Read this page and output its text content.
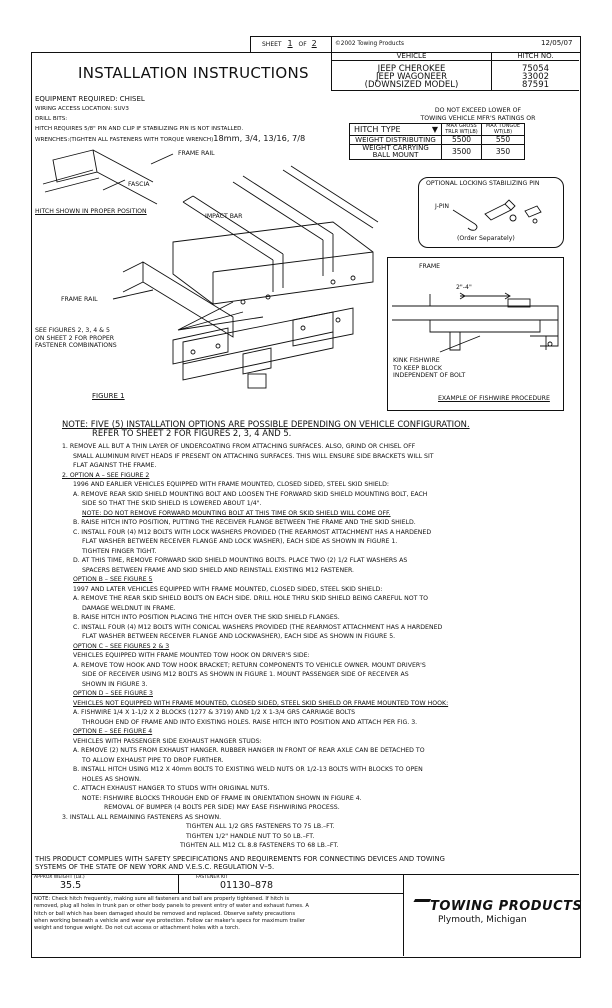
SHEET 1 OF 2	©2002 Towing Products	12/05/07
VEHICLE	HITCH NO.
JEEP CHEROKEE	75054
JEEP WAGONEER	33002
(DOWNSIZED MODEL)	87591
INSTALLATION INSTRUCTIONS
EQUIPMENT REQUIRED: CHISEL
WIRING ACCESS LOCATION: SUV3
DRILL BITS:
HITCH REQUIRES 5/8" PIN AND CLIP IF STABILIZING PIN IS NOT INSTALLED.
WRENCHES:(TIGHTEN ALL FASTENERS WITH TORQUE WRENCH)18mm, 3/4, 13/16, 7/8
DO NOT EXCEED LOWER OF
TOWING VEHICLE MFR'S RATINGS OR
HITCH TYPE ▼	MAX GROSS TRLR WT(LB)	MAX TONGUE WT(LB)
WEIGHT DISTRIBUTING	5500	550
WEIGHT CARRYING BALL MOUNT	3500	350
FRAME RAIL
FASCIA
HITCH SHOWN IN PROPER POSITION
IMPACT BAR
FRAME RAIL
SEE FIGURES 2, 3, 4 & 5
ON SHEET 2 FOR PROPER
FASTENER COMBINATIONS
FIGURE 1
OPTIONAL LOCKING STABILIZING PIN
J-PIN
(Order Separately)
FRAME
2"-4"
KINK FISHWIRE
TO KEEP BLOCK
INDEPENDENT OF BOLT
EXAMPLE OF FISHWIRE PROCEDURE
NOTE: FIVE (5) INSTALLATION OPTIONS ARE POSSIBLE DEPENDING ON VEHICLE CONFIGURATION.
REFER TO SHEET 2 FOR FIGURES 2, 3, 4 AND 5.
1. REMOVE ALL BUT A THIN LAYER OF UNDERCOATING FROM ATTACHING SURFACES. ALSO, GRIND OR CHISEL OFF
SMALL ALUMINUM RIVET HEADS IF PRESENT ON ATTACHING SURFACES. THIS WILL ENSURE SIDE BRACKETS WILL SIT
FLAT AGAINST THE FRAME.
2. OPTION A – SEE FIGURE 2
1996 AND EARLIER VEHICLES EQUIPPED WITH FRAME MOUNTED, CLOSED SIDED, STEEL SKID SHIELD:
A. REMOVE REAR SKID SHIELD MOUNTING BOLT AND LOOSEN THE FORWARD SKID SHIELD MOUNTING BOLT, EACH
SIDE SO THAT THE SKID SHIELD IS LOWERED ABOUT 1/4".
NOTE: DO NOT REMOVE FORWARD MOUNTING BOLT AT THIS TIME OR SKID SHIELD WILL COME OFF.
B. RAISE HITCH INTO POSITION, PUTTING THE RECEIVER FLANGE BETWEEN THE FRAME AND THE SKID SHIELD.
C. INSTALL FOUR (4) M12 BOLTS WITH LOCK WASHERS PROVIDED (THE REARMOST ATTACHMENT HAS A HARDENED
FLAT WASHER BETWEEN RECEIVER FLANGE AND LOCK WASHER), EACH SIDE AS SHOWN IN FIGURE 1.
TIGHTEN FINGER TIGHT.
D. AT THIS TIME, REMOVE FORWARD SKID SHIELD MOUNTING BOLTS. PLACE TWO (2) 1/2 FLAT WASHERS AS
SPACERS BETWEEN FRAME AND SKID SHIELD AND REINSTALL EXISTING M12 FASTENER.
OPTION B – SEE FIGURE 5
1997 AND LATER VEHICLES EQUIPPED WITH FRAME MOUNTED, CLOSED SIDED, STEEL SKID SHIELD:
A. REMOVE THE REAR SKID SHIELD BOLTS ON EACH SIDE. DRILL HOLE THRU SKID SHIELD BEING CAREFUL NOT TO
DAMAGE WELDNUT IN FRAME.
B. RAISE HITCH INTO POSITION PLACING THE HITCH OVER THE SKID SHIELD FLANGES.
C. INSTALL FOUR (4) M12 BOLTS WITH CONICAL WASHERS PROVIDED (THE REARMOST ATTACHMENT HAS A HARDENED
FLAT WASHER BETWEEN RECEIVER FLANGE AND LOCKWASHER), EACH SIDE AS SHOWN IN FIGURE 5.
OPTION C – SEE FIGURES 2 & 3
VEHICLES EQUIPPED WITH FRAME MOUNTED TOW HOOK ON DRIVER'S SIDE:
A. REMOVE TOW HOOK AND TOW HOOK BRACKET; RETURN COMPONENTS TO VEHICLE OWNER. MOUNT DRIVER'S
SIDE OF RECEIVER USING M12 BOLTS AS SHOWN IN FIGURE 1. MOUNT PASSENGER SIDE OF RECEIVER AS
SHOWN IN FIGURE 3.
OPTION D – SEE FIGURE 3
VEHICLES NOT EQUIPPED WITH FRAME MOUNTED, CLOSED SIDED, STEEL SKID SHIELD OR FRAME MOUNTED TOW HOOK:
A. FISHWIRE 1/4 X 1-1/2 X 2 BLOCKS (1277 & 3719) AND 1/2 X 1-3/4 GR5 CARRIAGE BOLTS
THROUGH END OF FRAME AND INTO EXISTING HOLES. RAISE HITCH INTO POSITION AND ATTACH PER FIG. 3.
OPTION E – SEE FIGURE 4
VEHICLES WITH PASSENGER SIDE EXHAUST HANGER STUDS:
A. REMOVE (2) NUTS FROM EXHAUST HANGER. RUBBER HANGER IN FRONT OF REAR AXLE CAN BE DETACHED TO
TO ALLOW EXHAUST PIPE TO DROP FURTHER.
B. INSTALL HITCH USING M12 X 40mm BOLTS TO EXISTING WELD NUTS OR 1/2-13 BOLTS WITH BLOCKS TO OPEN
HOLES AS SHOWN.
C. ATTACH EXHAUST HANGER TO STUDS WITH ORIGINAL NUTS.
NOTE: FISHWIRE BLOCKS THROUGH END OF FRAME IN ORIENTATION SHOWN IN FIGURE 4.
REMOVAL OF BUMPER (4 BOLTS PER SIDE) MAY EASE FISHWIRING PROCESS.
3. INSTALL ALL REMAINING FASTENERS AS SHOWN.
TIGHTEN ALL 1/2 GR5 FASTENERS TO 75 LB.–FT.
TIGHTEN 1/2" HANDLE NUT TO 50 LB.–FT.
TIGHTEN ALL M12 CL 8.8 FASTENERS TO 68 LB.–FT.
THIS PRODUCT COMPLIES WITH SAFETY SPECIFICATIONS AND REQUIREMENTS FOR CONNECTING DEVICES AND TOWING
SYSTEMS OF THE STATE OF NEW YORK AND V.E.S.C. REGULATION V–5.
APPROX WEIGHT (LB.)
35.5
FASTENER KIT
01130–878
NOTE: Check hitch frequently, making sure all fasteners and ball are properly tightened. If hitch is
removed, plug all holes in trunk pan or other body panels to prevent entry of water and exhaust fumes. A
hitch or ball which has been damaged should be removed and replaced. Observe safety precautions
when working beneath a vehicle and wear eye protection. Follow car maker's specs for maximum trailer
weight and tongue weight. Do not cut access or attachment holes with a torch.
TOWING PRODUCTS
Plymouth, Michigan
